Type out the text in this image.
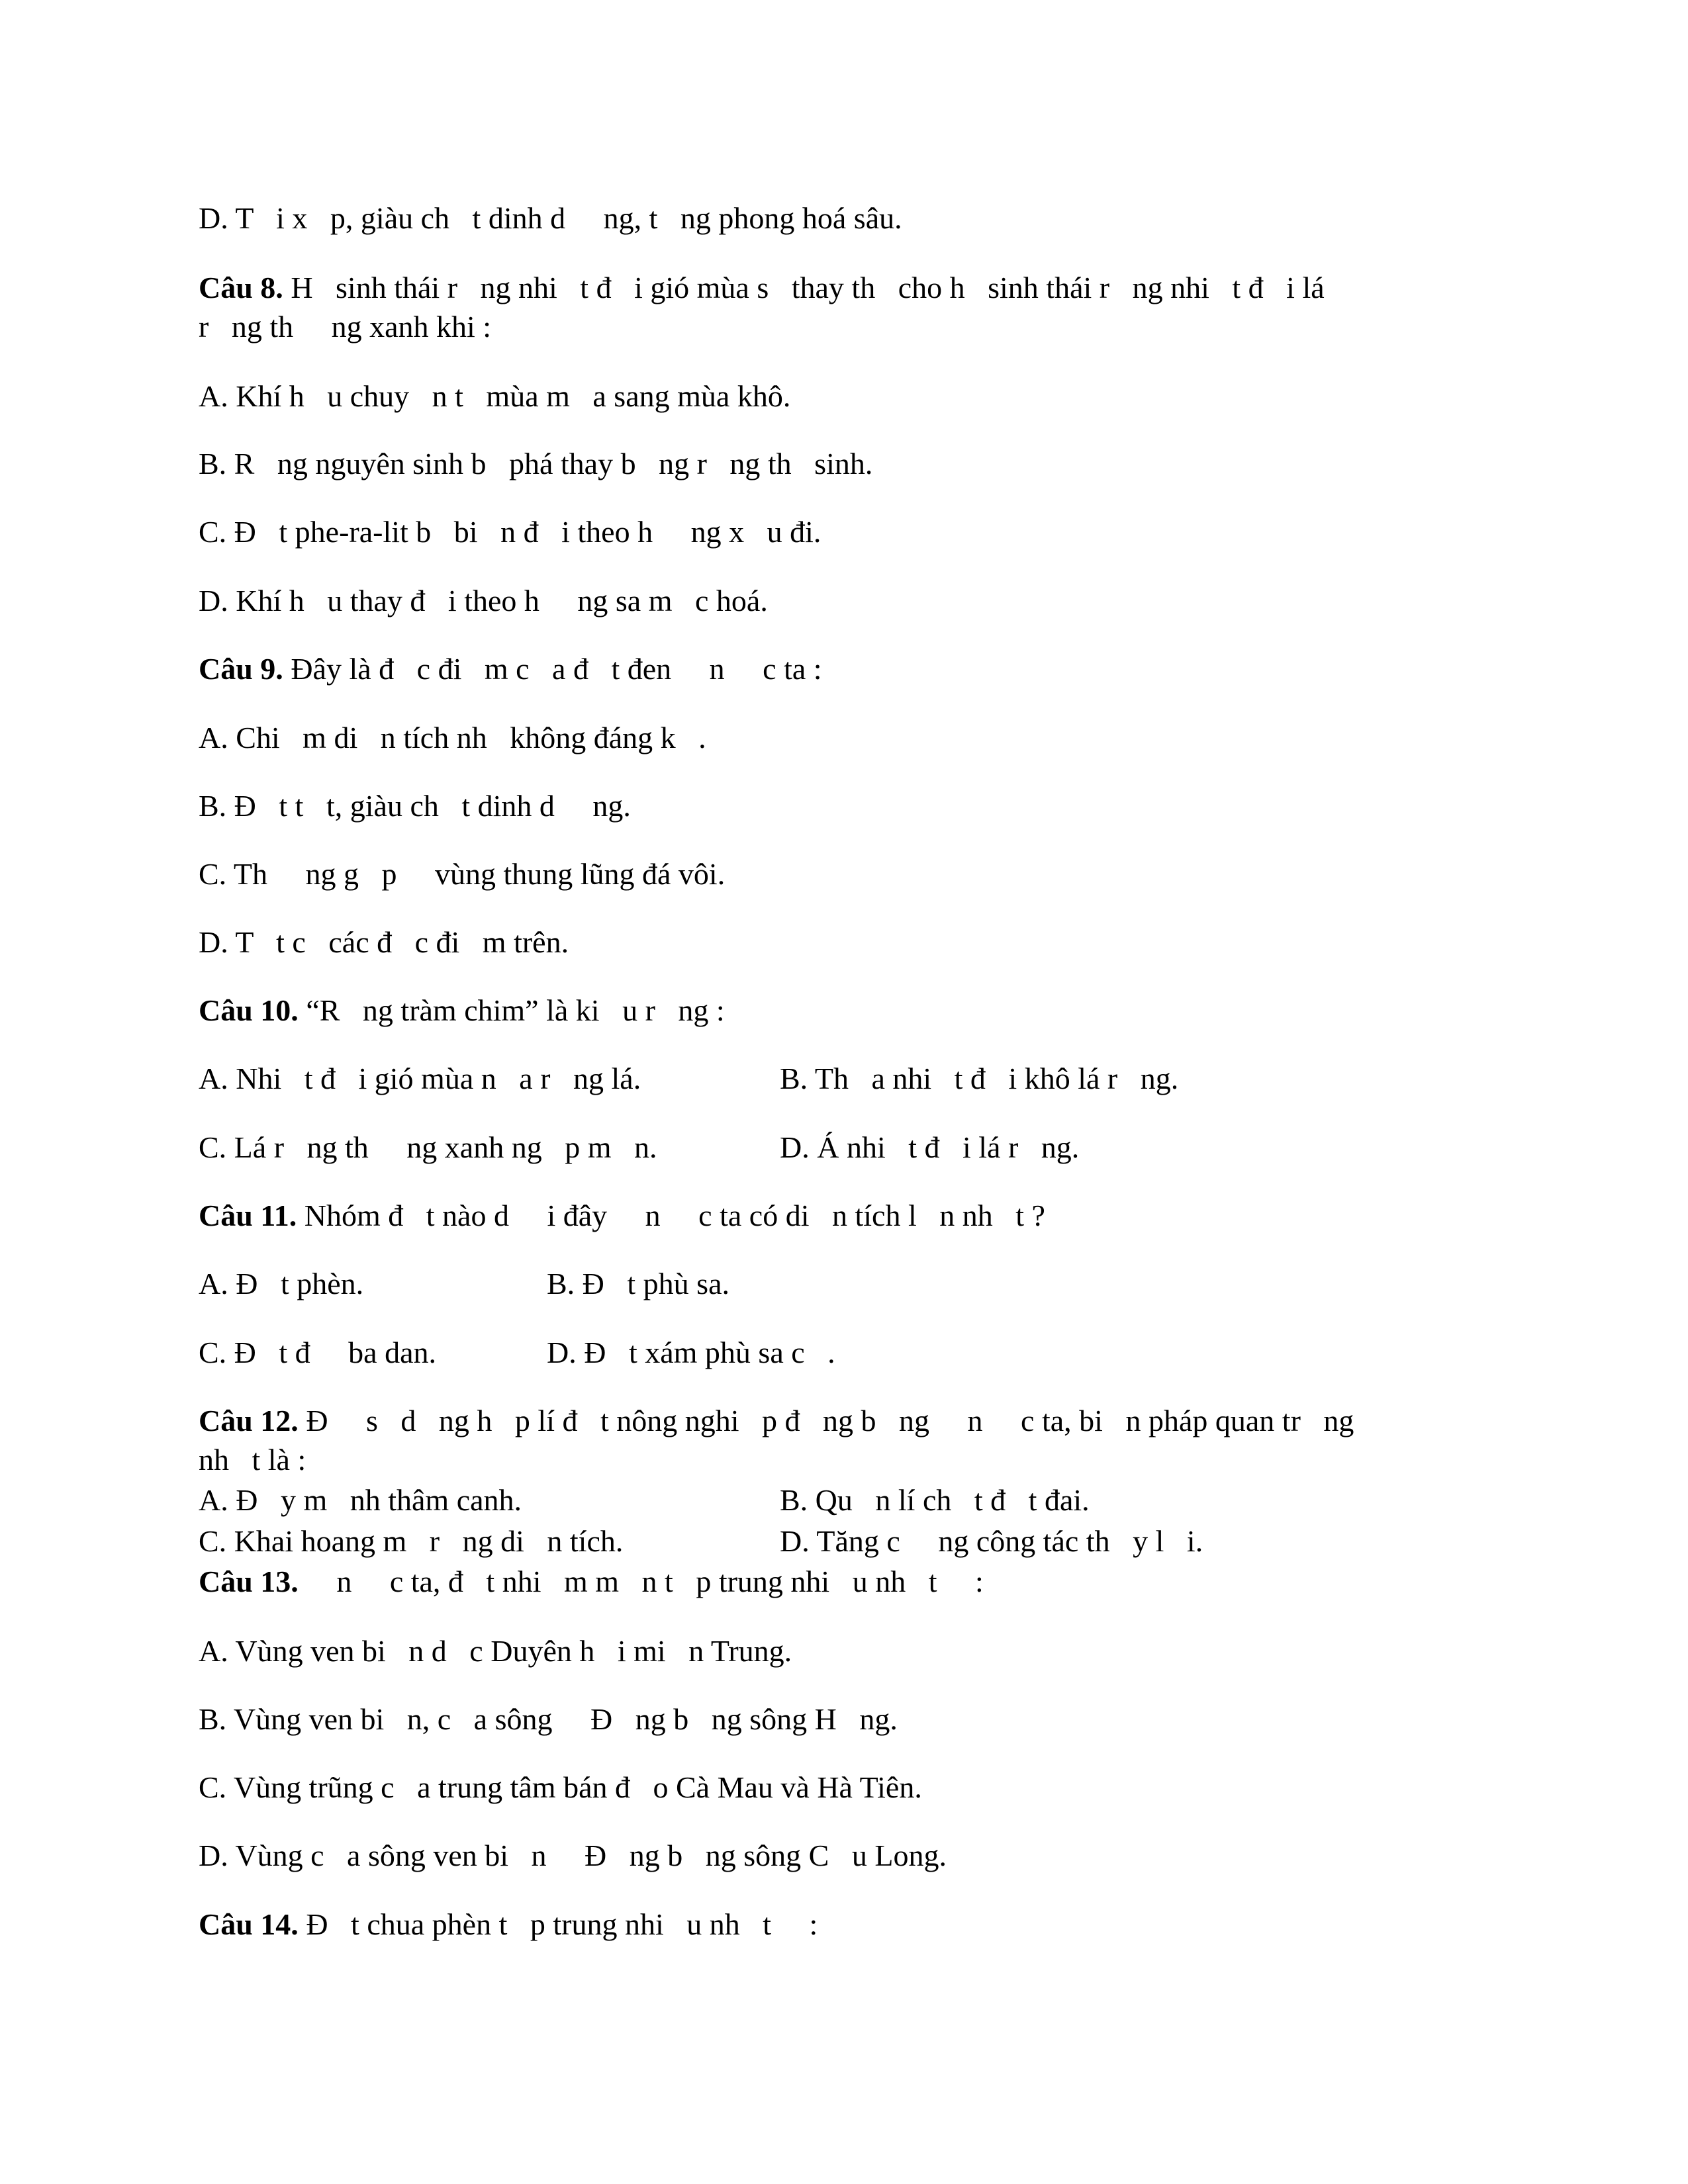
D. T   i x   p, giàu ch   t dinh d     ng, t   ng phong hoá sâu.
Câu 8. H   sinh thái r   ng nhi   t đ   i gió mùa s   thay th   cho h   sinh thái r   ng nhi   t đ   i lá
r   ng th     ng xanh khi :
A. Khí h   u chuy   n t   mùa m   a sang mùa khô.
B. R   ng nguyên sinh b   phá thay b   ng r   ng th   sinh.
C. Đ   t phe-ra-lit b   bi   n đ   i theo h     ng x   u đi.
D. Khí h   u thay đ   i theo h     ng sa m   c hoá.
Câu 9. Đây là đ   c đi   m c   a đ   t đen     n     c ta :
A. Chi   m di   n tích nh   không đáng k   .
B. Đ   t t   t, giàu ch   t dinh d     ng.
C. Th     ng g   p     vùng thung lũng đá vôi.
D. T   t c   các đ   c đi   m trên.
Câu 10. “R   ng tràm chim” là ki   u r   ng :
A. Nhi   t đ   i gió mùa n   a r   ng lá.	B. Th   a nhi   t đ   i khô lá r   ng.
C. Lá r   ng th     ng xanh ng   p m   n.	D. Á nhi   t đ   i lá r   ng.
Câu 11. Nhóm đ   t nào d     i đây     n     c ta có di   n tích l   n nh   t ?
A. Đ   t phèn.	B. Đ   t phù sa.
C. Đ   t đ     ba dan.	D. Đ   t xám phù sa c   .
Câu 12. Đ     s   d   ng h   p lí đ   t nông nghi   p đ   ng b   ng     n     c ta, bi   n pháp quan tr   ng
nh   t là :
A. Đ   y m   nh thâm canh.	B. Qu   n lí ch   t đ   t đai.
C. Khai hoang m   r   ng di   n tích.	D. Tăng c     ng công tác th   y l   i.
Câu 13.     n     c ta, đ   t nhi   m m   n t   p trung nhi   u nh   t     :
A. Vùng ven bi   n d   c Duyên h   i mi   n Trung.
B. Vùng ven bi   n, c   a sông     Đ   ng b   ng sông H   ng.
C. Vùng trũng c   a trung tâm bán đ   o Cà Mau và Hà Tiên.
D. Vùng c   a sông ven bi   n     Đ   ng b   ng sông C   u Long.
Câu 14. Đ   t chua phèn t   p trung nhi   u nh   t     :
